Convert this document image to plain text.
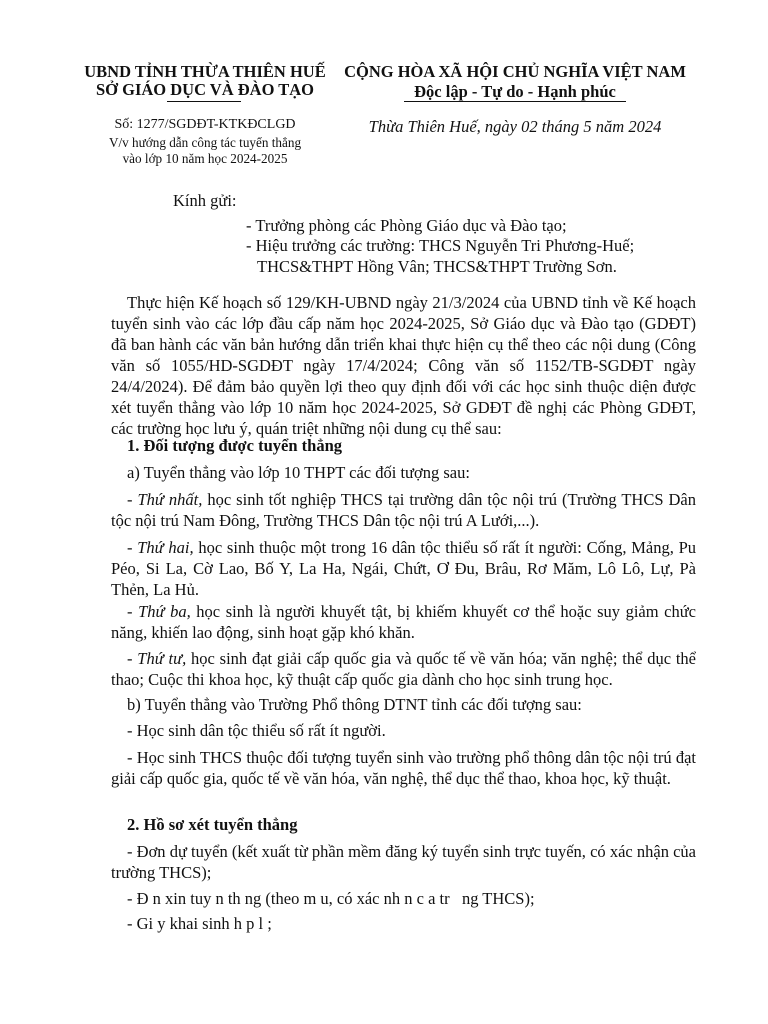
UBND TỈNH THỪA THIÊN HUẾ
SỞ GIÁO DỤC VÀ ĐÀO TẠO
Số: 1277/SGDĐT-KTKĐCLGD
V/v hướng dẫn công tác tuyển thẳng
vào lớp 10 năm học 2024-2025
CỘNG HÒA XÃ HỘI CHỦ NGHĨA VIỆT NAM
Độc lập - Tự do - Hạnh phúc
Thừa Thiên Huế, ngày 02 tháng 5 năm 2024
Kính gửi:
- Trưởng phòng các Phòng Giáo dục và Đào tạo;
- Hiệu trưởng các trường: THCS Nguyễn Tri Phương-Huế;
THCS&THPT Hồng Vân; THCS&THPT Trường Sơn.
Thực hiện Kế hoạch số 129/KH-UBND ngày 21/3/2024 của UBND tỉnh về Kế hoạch tuyển sinh vào các lớp đầu cấp năm học 2024-2025, Sở Giáo dục và Đào tạo (GDĐT) đã ban hành các văn bản hướng dẫn triển khai thực hiện cụ thể theo các nội dung (Công văn số 1055/HD-SGDĐT ngày 17/4/2024; Công văn số 1152/TB-SGDĐT ngày 24/4/2024). Để đảm bảo quyền lợi theo quy định đối với các học sinh thuộc diện được xét tuyển thẳng vào lớp 10 năm học 2024-2025, Sở GDĐT đề nghị các Phòng GDĐT, các trường học lưu ý, quán triệt những nội dung cụ thể sau:
1. Đối tượng được tuyển thẳng
a) Tuyển thẳng vào lớp 10 THPT các đối tượng sau:
- Thứ nhất, học sinh tốt nghiệp THCS tại trường dân tộc nội trú (Trường THCS Dân tộc nội trú Nam Đông, Trường THCS Dân tộc nội trú A Lưới,...).
- Thứ hai, học sinh thuộc một trong 16 dân tộc thiểu số rất ít người: Cống, Mảng, Pu Péo, Si La, Cờ Lao, Bố Y, La Ha, Ngái, Chứt, Ơ Đu, Brâu, Rơ Măm, Lô Lô, Lự, Pà Thẻn, La Hủ.
- Thứ ba, học sinh là người khuyết tật, bị khiếm khuyết cơ thể hoặc suy giảm chức năng, khiến lao động, sinh hoạt gặp khó khăn.
- Thứ tư, học sinh đạt giải cấp quốc gia và quốc tế về văn hóa; văn nghệ; thể dục thể thao; Cuộc thi khoa học, kỹ thuật cấp quốc gia dành cho học sinh trung học.
b) Tuyển thẳng vào Trường Phổ thông DTNT tỉnh các đối tượng sau:
- Học sinh dân tộc thiểu số rất ít người.
- Học sinh THCS thuộc đối tượng tuyển sinh vào trường phổ thông dân tộc nội trú đạt giải cấp quốc gia, quốc tế về văn hóa, văn nghệ, thể dục thể thao, khoa học, kỹ thuật.
2. Hồ sơ xét tuyển thẳng
- Đơn dự tuyển (kết xuất từ phần mềm đăng ký tuyển sinh trực tuyến, có xác nhận của trường THCS);
- Đ n xin tuy n th ng (theo m u, có xác nh n c a tr   ng THCS);
- Gi y khai sinh h p l ;
